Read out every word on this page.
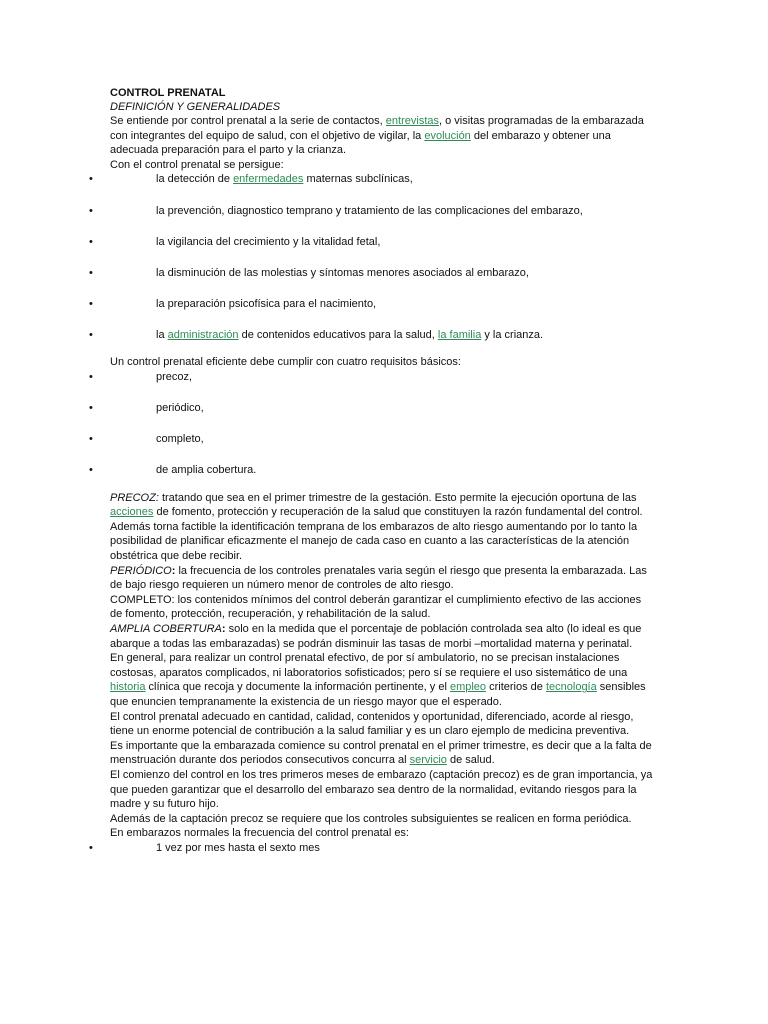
CONTROL PRENATAL
DEFINICIÓN Y GENERALIDADES

Se entiende por control prenatal a la serie de contactos, entrevistas, o visitas programadas de la embarazada con integrantes del equipo de salud, con el objetivo de vigilar, la evolución del embarazo y obtener una adecuada preparación para el parto y la crianza.

Con el control prenatal se persigue:

•	la detección de enfermedades maternas subclínicas,
•	la prevención, diagnostico temprano y tratamiento de las complicaciones del embarazo,
•	la vigilancia del crecimiento y la vitalidad fetal,
•	la disminución de las molestias y síntomas menores asociados al embarazo,
•	la preparación psicofísica para el nacimiento,
•	la administración de contenidos educativos para la salud, la familia y la crianza.

Un control prenatal eficiente debe cumplir con cuatro requisitos básicos:

•	precoz,
•	periódico,
•	completo,
•	de amplia cobertura.

PRECOZ: tratando que sea en el primer trimestre de la gestación. Esto permite la ejecución oportuna de las acciones de fomento, protección y recuperación de la salud que constituyen la razón fundamental del control. Además torna factible la identificación temprana de los embarazos de alto riesgo aumentando por lo tanto la posibilidad de planificar eficazmente el manejo de cada caso en cuanto a las características de la atención obstétrica que debe recibir.

PERIÓDICO: la frecuencia de los controles prenatales varia según el riesgo que presenta la embarazada. Las de bajo riesgo requieren un número menor de controles de alto riesgo.

COMPLETO: los contenidos mínimos del control deberán garantizar el cumplimiento efectivo de las acciones de fomento, protección, recuperación, y rehabilitación de la salud.

AMPLIA COBERTURA: solo en la medida que el porcentaje de población controlada sea alto (lo ideal es que abarque a todas las embarazadas) se podrán disminuir las tasas de morbi –mortalidad materna y perinatal.

En general, para realizar un control prenatal efectivo, de por sí ambulatorio, no se precisan instalaciones costosas, aparatos complicados, ni laboratorios sofisticados; pero sí se requiere el uso sistemático de una historia clínica que recoja y documente la información pertinente, y el empleo criterios de tecnología sensibles que enuncien tempranamente la existencia de un riesgo mayor que el esperado.

El control prenatal adecuado en cantidad, calidad, contenidos y oportunidad, diferenciado, acorde al riesgo, tiene un enorme potencial de contribución a la salud familiar y es un claro ejemplo de medicina preventiva.

Es importante que la embarazada comience su control prenatal en el primer trimestre, es decir que a la falta de menstruación durante dos periodos consecutivos concurra al servicio de salud.

El comienzo del control en los tres primeros meses de embarazo (captación precoz) es de gran importancia, ya que pueden garantizar que el desarrollo del embarazo sea dentro de la normalidad, evitando riesgos para la madre y su futuro hijo.

Además de la captación precoz se requiere que los controles subsiguientes se realicen en forma periódica.

En embarazos normales la frecuencia del control prenatal es:

•	1 vez por mes hasta el sexto mes
